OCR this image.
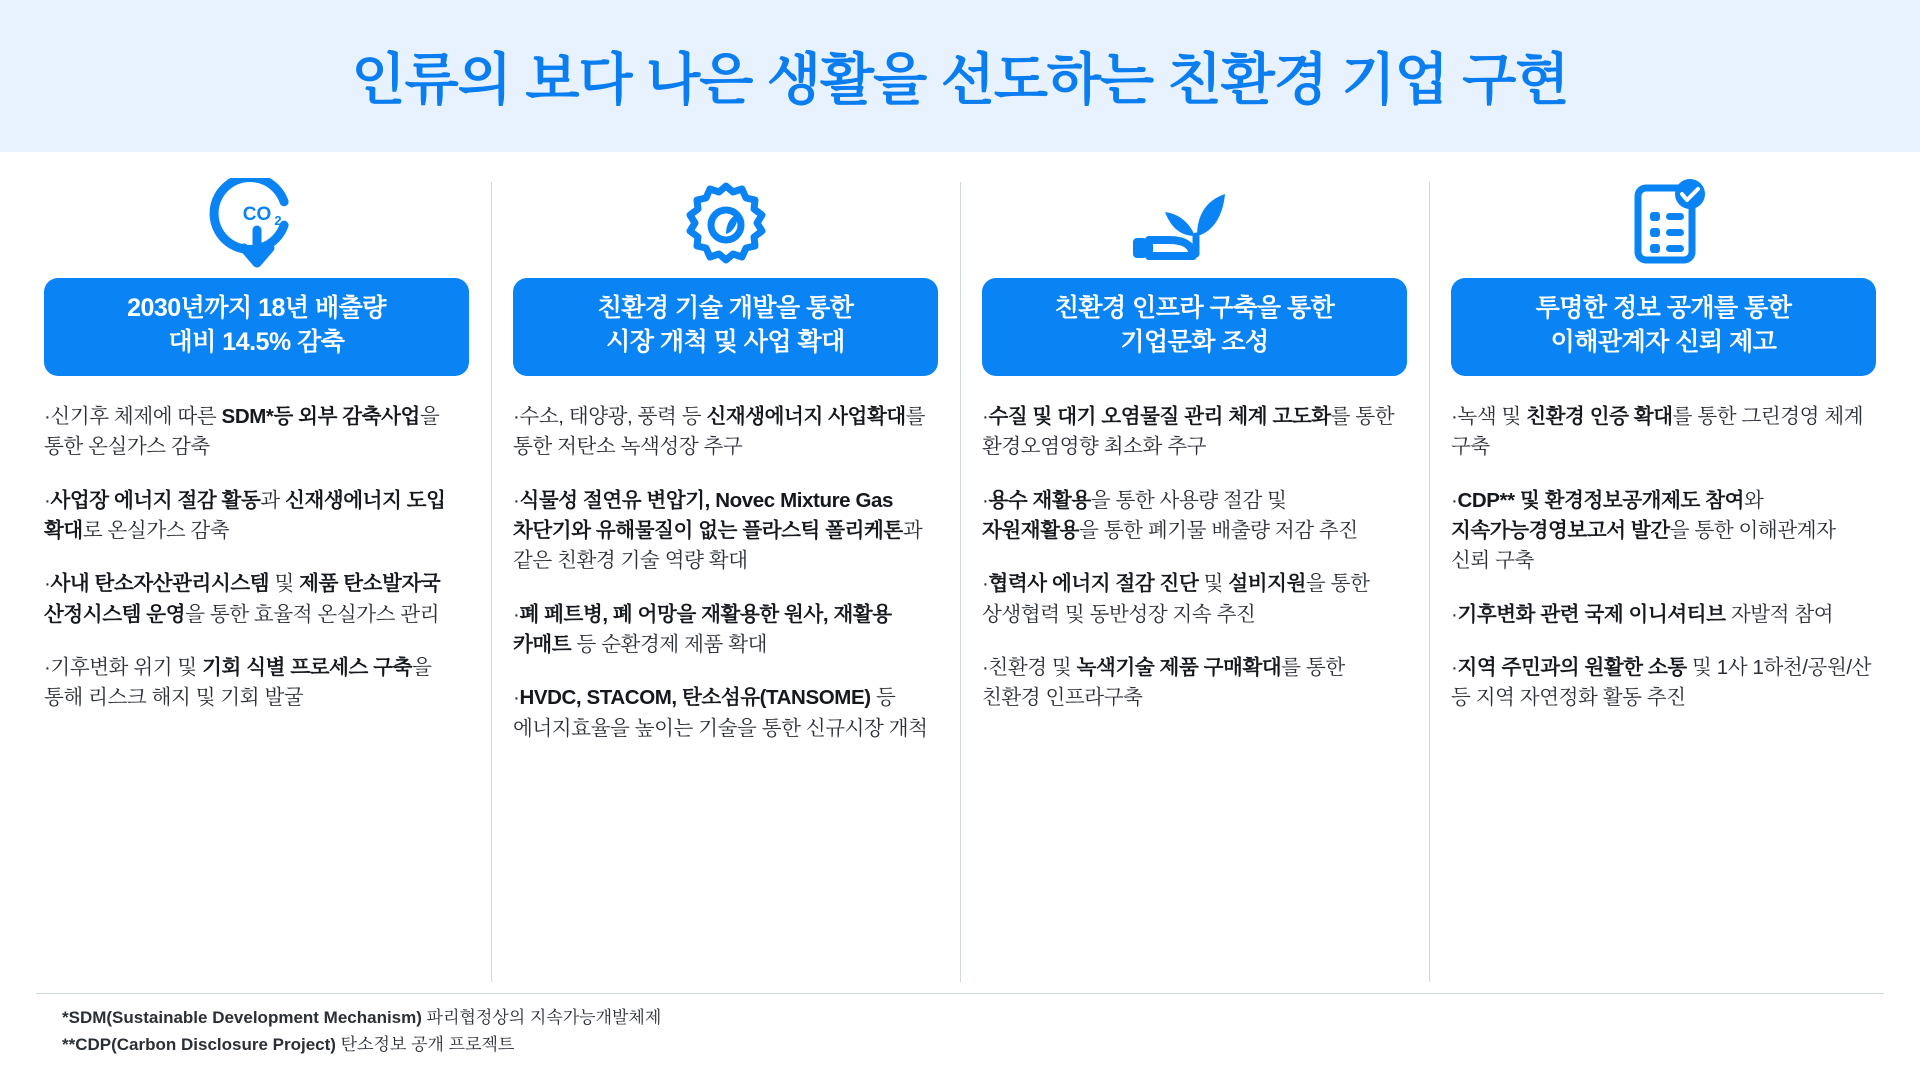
인류의 보다 나은 생활을 선도하는 친환경 기업 구현
CO 2
2030년까지 18년 배출량
대비 14.5% 감축
·신기후 체제에 따른 SDM*등 외부 감축사업을 통한 온실가스 감축
·사업장 에너지 절감 활동과 신재생에너지 도입 확대로 온실가스 감축
·사내 탄소자산관리시스템 및 제품 탄소발자국 산정시스템 운영을 통한 효율적 온실가스 관리
·기후변화 위기 및 기회 식별 프로세스 구축을 통해 리스크 해지 및 기회 발굴
친환경 기술 개발을 통한
시장 개척 및 사업 확대
·수소, 태양광, 풍력 등 신재생에너지 사업확대를 통한 저탄소 녹색성장 추구
·식물성 절연유 변압기, Novec Mixture Gas 차단기와 유해물질이 없는 플라스틱 폴리케톤과 같은 친환경 기술 역량 확대
·폐 페트병, 폐 어망을 재활용한 원사, 재활용 카매트 등 순환경제 제품 확대
·HVDC, STACOM, 탄소섬유(TANSOME) 등 에너지효율을 높이는 기술을 통한 신규시장 개척
친환경 인프라 구축을 통한
기업문화 조성
·수질 및 대기 오염물질 관리 체계 고도화를 통한 환경오염영향 최소화 추구
·용수 재활용을 통한 사용량 절감 및 자원재활용을 통한 폐기물 배출량 저감 추진
·협력사 에너지 절감 진단 및 설비지원을 통한 상생협력 및 동반성장 지속 추진
·친환경 및 녹색기술 제품 구매확대를 통한 친환경 인프라구축
투명한 정보 공개를 통한
이해관계자 신뢰 제고
·녹색 및 친환경 인증 확대를 통한 그린경영 체계 구축
·CDP** 및 환경정보공개제도 참여와 지속가능경영보고서 발간을 통한 이해관계자 신뢰 구축
·기후변화 관련 국제 이니셔티브 자발적 참여
·지역 주민과의 원활한 소통 및 1사 1하천/공원/산 등 지역 자연정화 활동 추진
*SDM(Sustainable Development Mechanism) 파리협정상의 지속가능개발체제
**CDP(Carbon Disclosure Project) 탄소정보 공개 프로젝트
